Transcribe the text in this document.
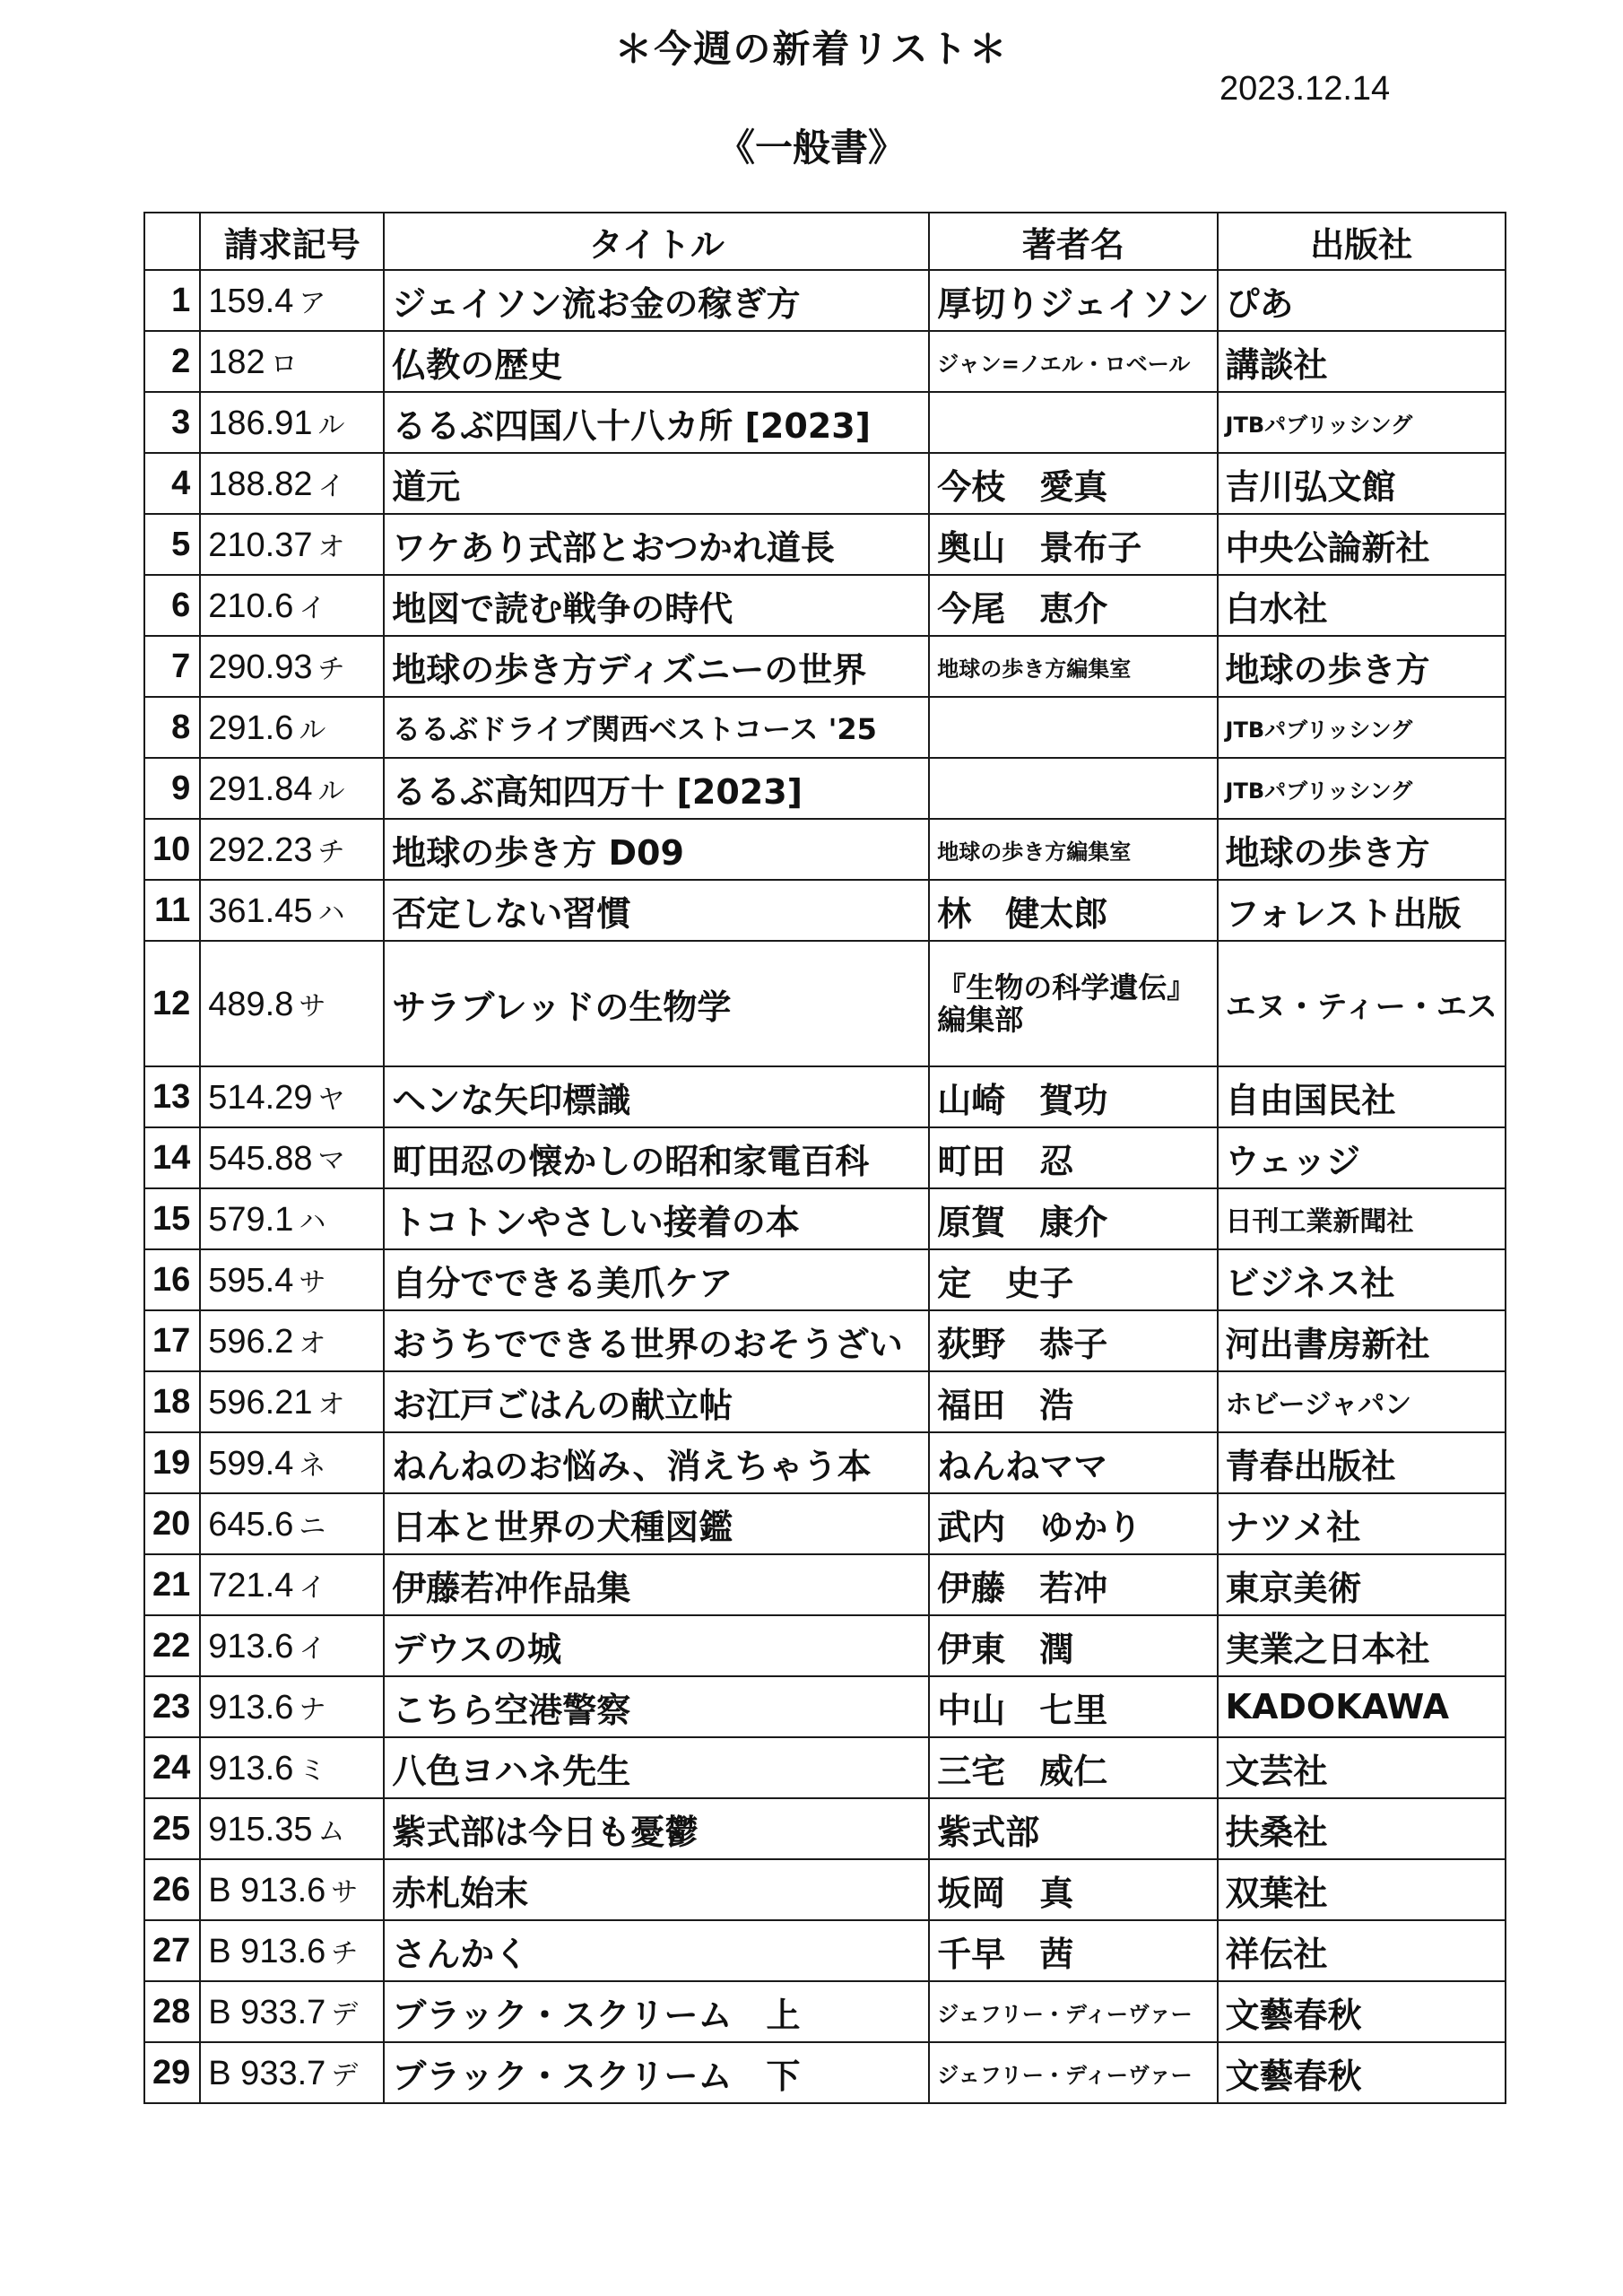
＊今週の新着リスト＊
2023.12.14
《一般書》
	請求記号	タイトル	著者名	出版社
1	159.4 ア	ジェイソン流お金の稼ぎ方	厚切りジェイソン	ぴあ
2	182 ロ	仏教の歴史	ジャン=ノエル・ロベール	講談社
3	186.91 ル	るるぶ四国八十八カ所 [2023]		JTBパブリッシング
4	188.82 イ	道元	今枝　愛真	吉川弘文館
5	210.37 オ	ワケあり式部とおつかれ道長	奥山　景布子	中央公論新社
6	210.6 イ	地図で読む戦争の時代	今尾　恵介	白水社
7	290.93 チ	地球の歩き方ディズニーの世界	地球の歩き方編集室	地球の歩き方
8	291.6 ル	るるぶドライブ関西ベストコース '25		JTBパブリッシング
9	291.84 ル	るるぶ高知四万十 [2023]		JTBパブリッシング
10	292.23 チ	地球の歩き方 D09	地球の歩き方編集室	地球の歩き方
11	361.45 ハ	否定しない習慣	林　健太郎	フォレスト出版
12	489.8 サ	サラブレッドの生物学	『生物の科学遺伝』編集部	エヌ・ティー・エス
13	514.29 ヤ	ヘンな矢印標識	山崎　賀功	自由国民社
14	545.88 マ	町田忍の懐かしの昭和家電百科	町田　忍	ウェッジ
15	579.1 ハ	トコトンやさしい接着の本	原賀　康介	日刊工業新聞社
16	595.4 サ	自分でできる美爪ケア	定　史子	ビジネス社
17	596.2 オ	おうちでできる世界のおそうざい	荻野　恭子	河出書房新社
18	596.21 オ	お江戸ごはんの献立帖	福田　浩	ホビージャパン
19	599.4 ネ	ねんねのお悩み、消えちゃう本	ねんねママ	青春出版社
20	645.6 ニ	日本と世界の犬種図鑑	武内　ゆかり	ナツメ社
21	721.4 イ	伊藤若冲作品集	伊藤　若冲	東京美術
22	913.6 イ	デウスの城	伊東　潤	実業之日本社
23	913.6 ナ	こちら空港警察	中山　七里	KADOKAWA
24	913.6 ミ	八色ヨハネ先生	三宅　威仁	文芸社
25	915.35 ム	紫式部は今日も憂鬱	紫式部	扶桑社
26	B 913.6 サ	赤札始末	坂岡　真	双葉社
27	B 913.6 チ	さんかく	千早　茜	祥伝社
28	B 933.7 デ	ブラック・スクリーム　上	ジェフリー・ディーヴァー	文藝春秋
29	B 933.7 デ	ブラック・スクリーム　下	ジェフリー・ディーヴァー	文藝春秋
